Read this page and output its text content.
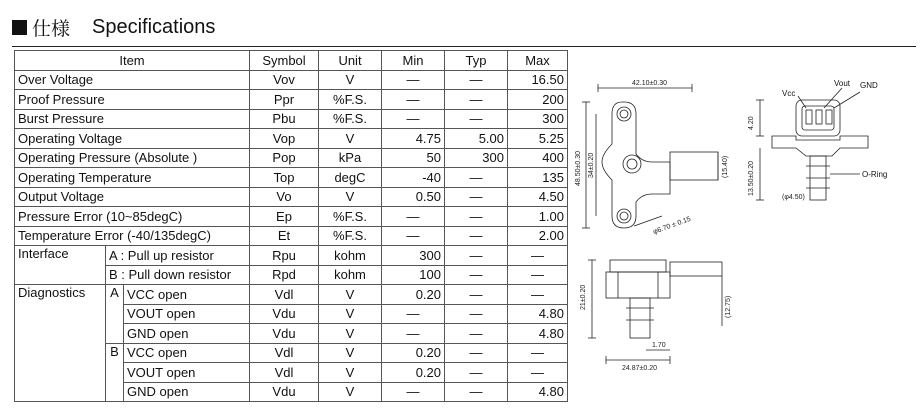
仕様 Specifications
Item			Symbol	Unit	Min	Typ	Max
Over Voltage			Vov	V	—	—	16.50
Proof Pressure			Ppr	%F.S.	—	—	200
Burst Pressure			Pbu	%F.S.	—	—	300
Operating Voltage			Vop	V	4.75	5.00	5.25
Operating Pressure (Absolute )			Pop	kPa	50	300	400
Operating Temperature			Top	degC	-40	—	135
Output Voltage			Vo	V	0.50	—	4.50
Pressure Error (10~85degC)			Ep	%F.S.	—	—	1.00
Temperature Error (-40/135degC)			Et	%F.S.	—	—	2.00
Interface	A : Pull up resistor		Rpu	kohm	300	—	—
	B : Pull down resistor		Rpd	kohm	100	—	—
Diagnostics	A	VCC open	Vdl	V	0.20	—	—
		VOUT open	Vdu	V	—	—	4.80
		GND open	Vdu	V	—	—	4.80
	B	VCC open	Vdl	V	0.20	—	—
		VOUT open	Vdl	V	0.20	—	—
		GND open	Vdu	V	—	—	4.80
42.10±0.30
48.50±0.30 34±0.20	(15.40)
φ6.70 ± 0.15
Vcc
Vout GND
O-Ring
4.20
13.50±0.20
(φ4.50)
21±0.20
1.70
24.87±0.20
(12.75)
